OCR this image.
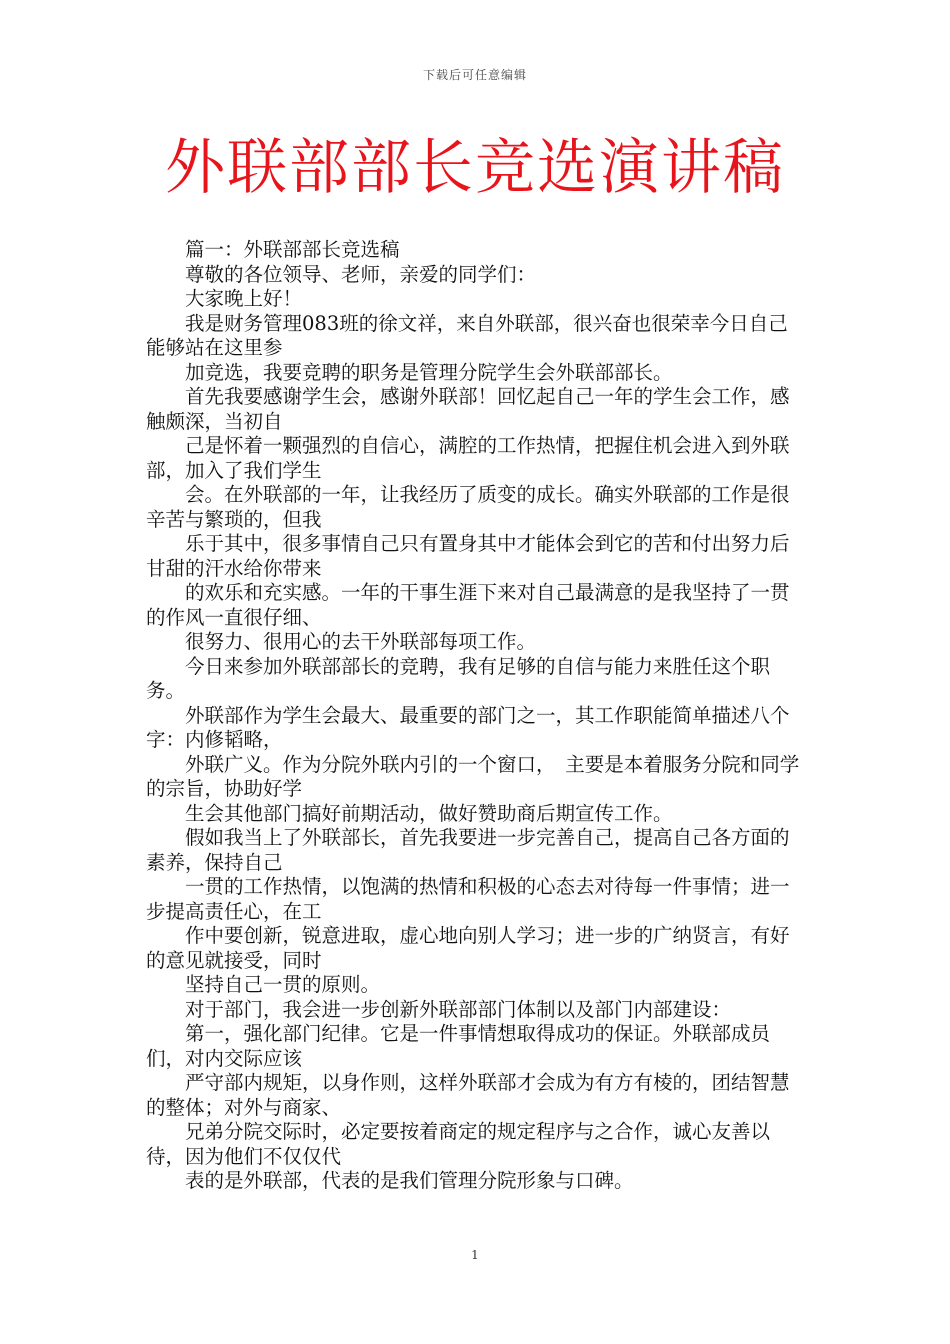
下载后可任意编辑
外联部部长竞选演讲稿

篇一：外联部部长竞选稿

尊敬的各位领导、老师，亲爱的同学们：

大家晚上好！

我是财务管理083班的徐文祥，来自外联部，很兴奋也很荣幸今日自己能够站在这里参

加竞选，我要竞聘的职务是管理分院学生会外联部部长。

首先我要感谢学生会，感谢外联部！回忆起自己一年的学生会工作，感触颇深，当初自

己是怀着一颗强烈的自信心，满腔的工作热情，把握住机会进入到外联部，加入了我们学生

会。在外联部的一年，让我经历了质变的成长。确实外联部的工作是很辛苦与繁琐的，但我

乐于其中，很多事情自己只有置身其中才能体会到它的苦和付出努力后甘甜的汗水给你带来

的欢乐和充实感。一年的干事生涯下来对自己最满意的是我坚持了一贯的作风一直很仔细、

很努力、很用心的去干外联部每项工作。

今日来参加外联部部长的竞聘，我有足够的自信与能力来胜任这个职务。

外联部作为学生会最大、最重要的部门之一，其工作职能简单描述八个字：内修韬略，

外联广义。作为分院外联内引的一个窗口，　主要是本着服务分院和同学的宗旨，协助好学

生会其他部门搞好前期活动，做好赞助商后期宣传工作。

假如我当上了外联部长，首先我要进一步完善自己，提高自己各方面的素养，保持自己

一贯的工作热情，以饱满的热情和积极的心态去对待每一件事情；进一步提高责任心，在工

作中要创新，锐意进取，虚心地向别人学习；进一步的广纳贤言，有好的意见就接受，同时

坚持自己一贯的原则。

对于部门，我会进一步创新外联部部门体制以及部门内部建设：

第一，强化部门纪律。它是一件事情想取得成功的保证。外联部成员们，对内交际应该

严守部内规矩，以身作则，这样外联部才会成为有方有棱的，团结智慧的整体；对外与商家、

兄弟分院交际时，必定要按着商定的规定程序与之合作，诚心友善以待，因为他们不仅仅代

表的是外联部，代表的是我们管理分院形象与口碑。

1
